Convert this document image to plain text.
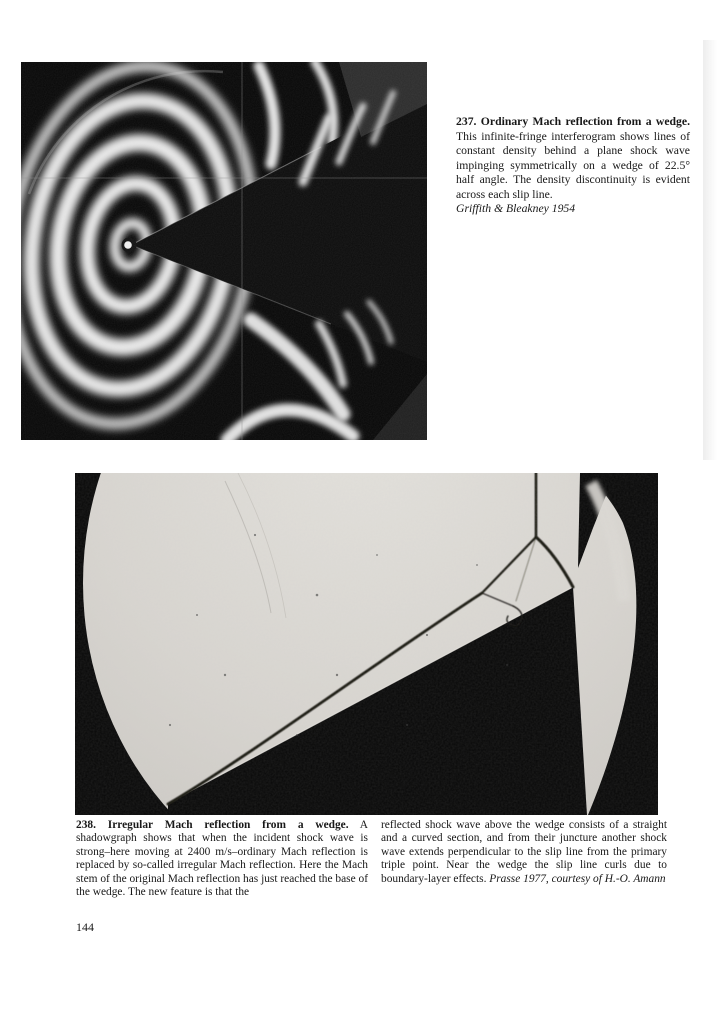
237. Ordinary Mach reflection from a wedge. This infinite-fringe interferogram shows lines of constant density behind a plane shock wave impinging symmetrically on a wedge of 22.5° half angle. The density discontinuity is evident across each slip line.
Griffith & Bleakney 1954
238. Irregular Mach reflection from a wedge. A shadowgraph shows that when the incident shock wave is strong–here moving at 2400 m/s–ordinary Mach reflection is replaced by so-called irregular Mach reflection. Here the Mach stem of the original Mach reflection has just reached the base of the wedge. The new feature is that the
reflected shock wave above the wedge consists of a straight and a curved section, and from their juncture another shock wave extends perpendicular to the slip line from the primary triple point. Near the wedge the slip line curls due to boundary-layer effects. Prasse 1977, courtesy of H.-O. Amann
144
